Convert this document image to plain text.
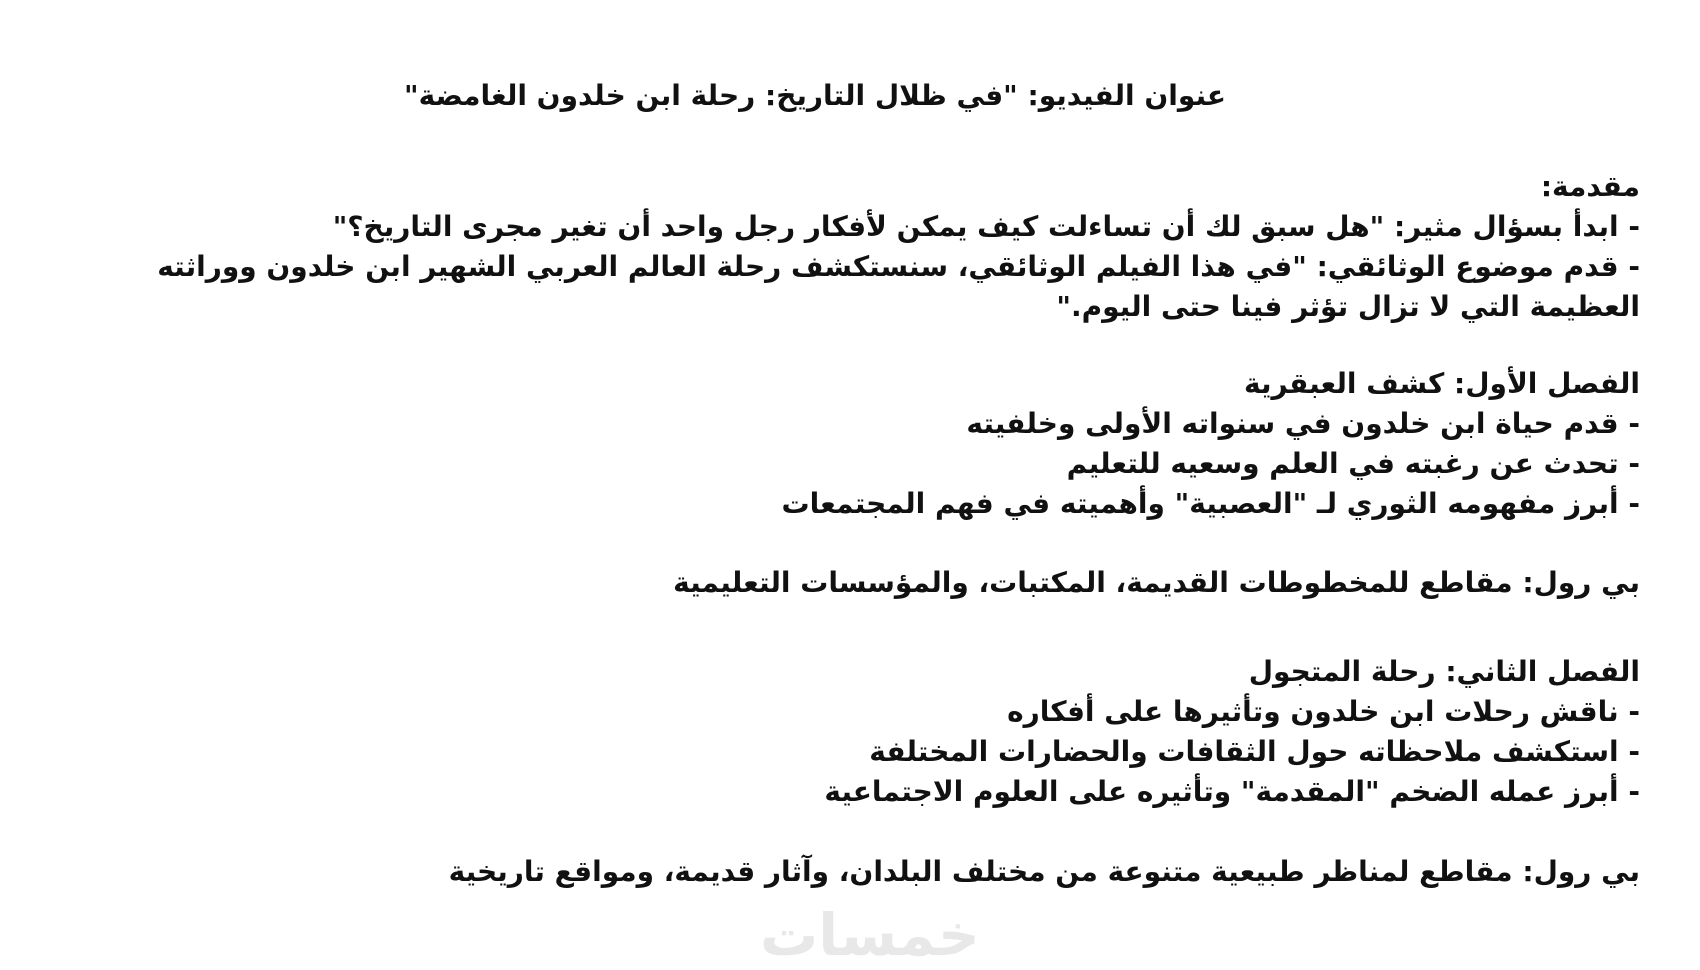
عنوان الفيديو: "في ظلال التاريخ: رحلة ابن خلدون الغامضة"

مقدمة:

- ابدأ بسؤال مثير: "هل سبق لك أن تساءلت كيف يمكن لأفكار رجل واحد أن تغير مجرى التاريخ؟"

- قدم موضوع الوثائقي: "في هذا الفيلم الوثائقي، سنستكشف رحلة العالم العربي الشهير ابن خلدون ووراثته العظيمة التي لا تزال تؤثر فينا حتى اليوم."

الفصل الأول: كشف العبقرية

- قدم حياة ابن خلدون في سنواته الأولى وخلفيته

- تحدث عن رغبته في العلم وسعيه للتعليم

- أبرز مفهومه الثوري لـ "العصبية" وأهميته في فهم المجتمعات

بي رول: مقاطع للمخطوطات القديمة، المكتبات، والمؤسسات التعليمية

الفصل الثاني: رحلة المتجول

- ناقش رحلات ابن خلدون وتأثيرها على أفكاره

- استكشف ملاحظاته حول الثقافات والحضارات المختلفة

- أبرز عمله الضخم "المقدمة" وتأثيره على العلوم الاجتماعية

بي رول: مقاطع لمناظر طبيعية متنوعة من مختلف البلدان، وآثار قديمة، ومواقع تاريخية

خمسات
